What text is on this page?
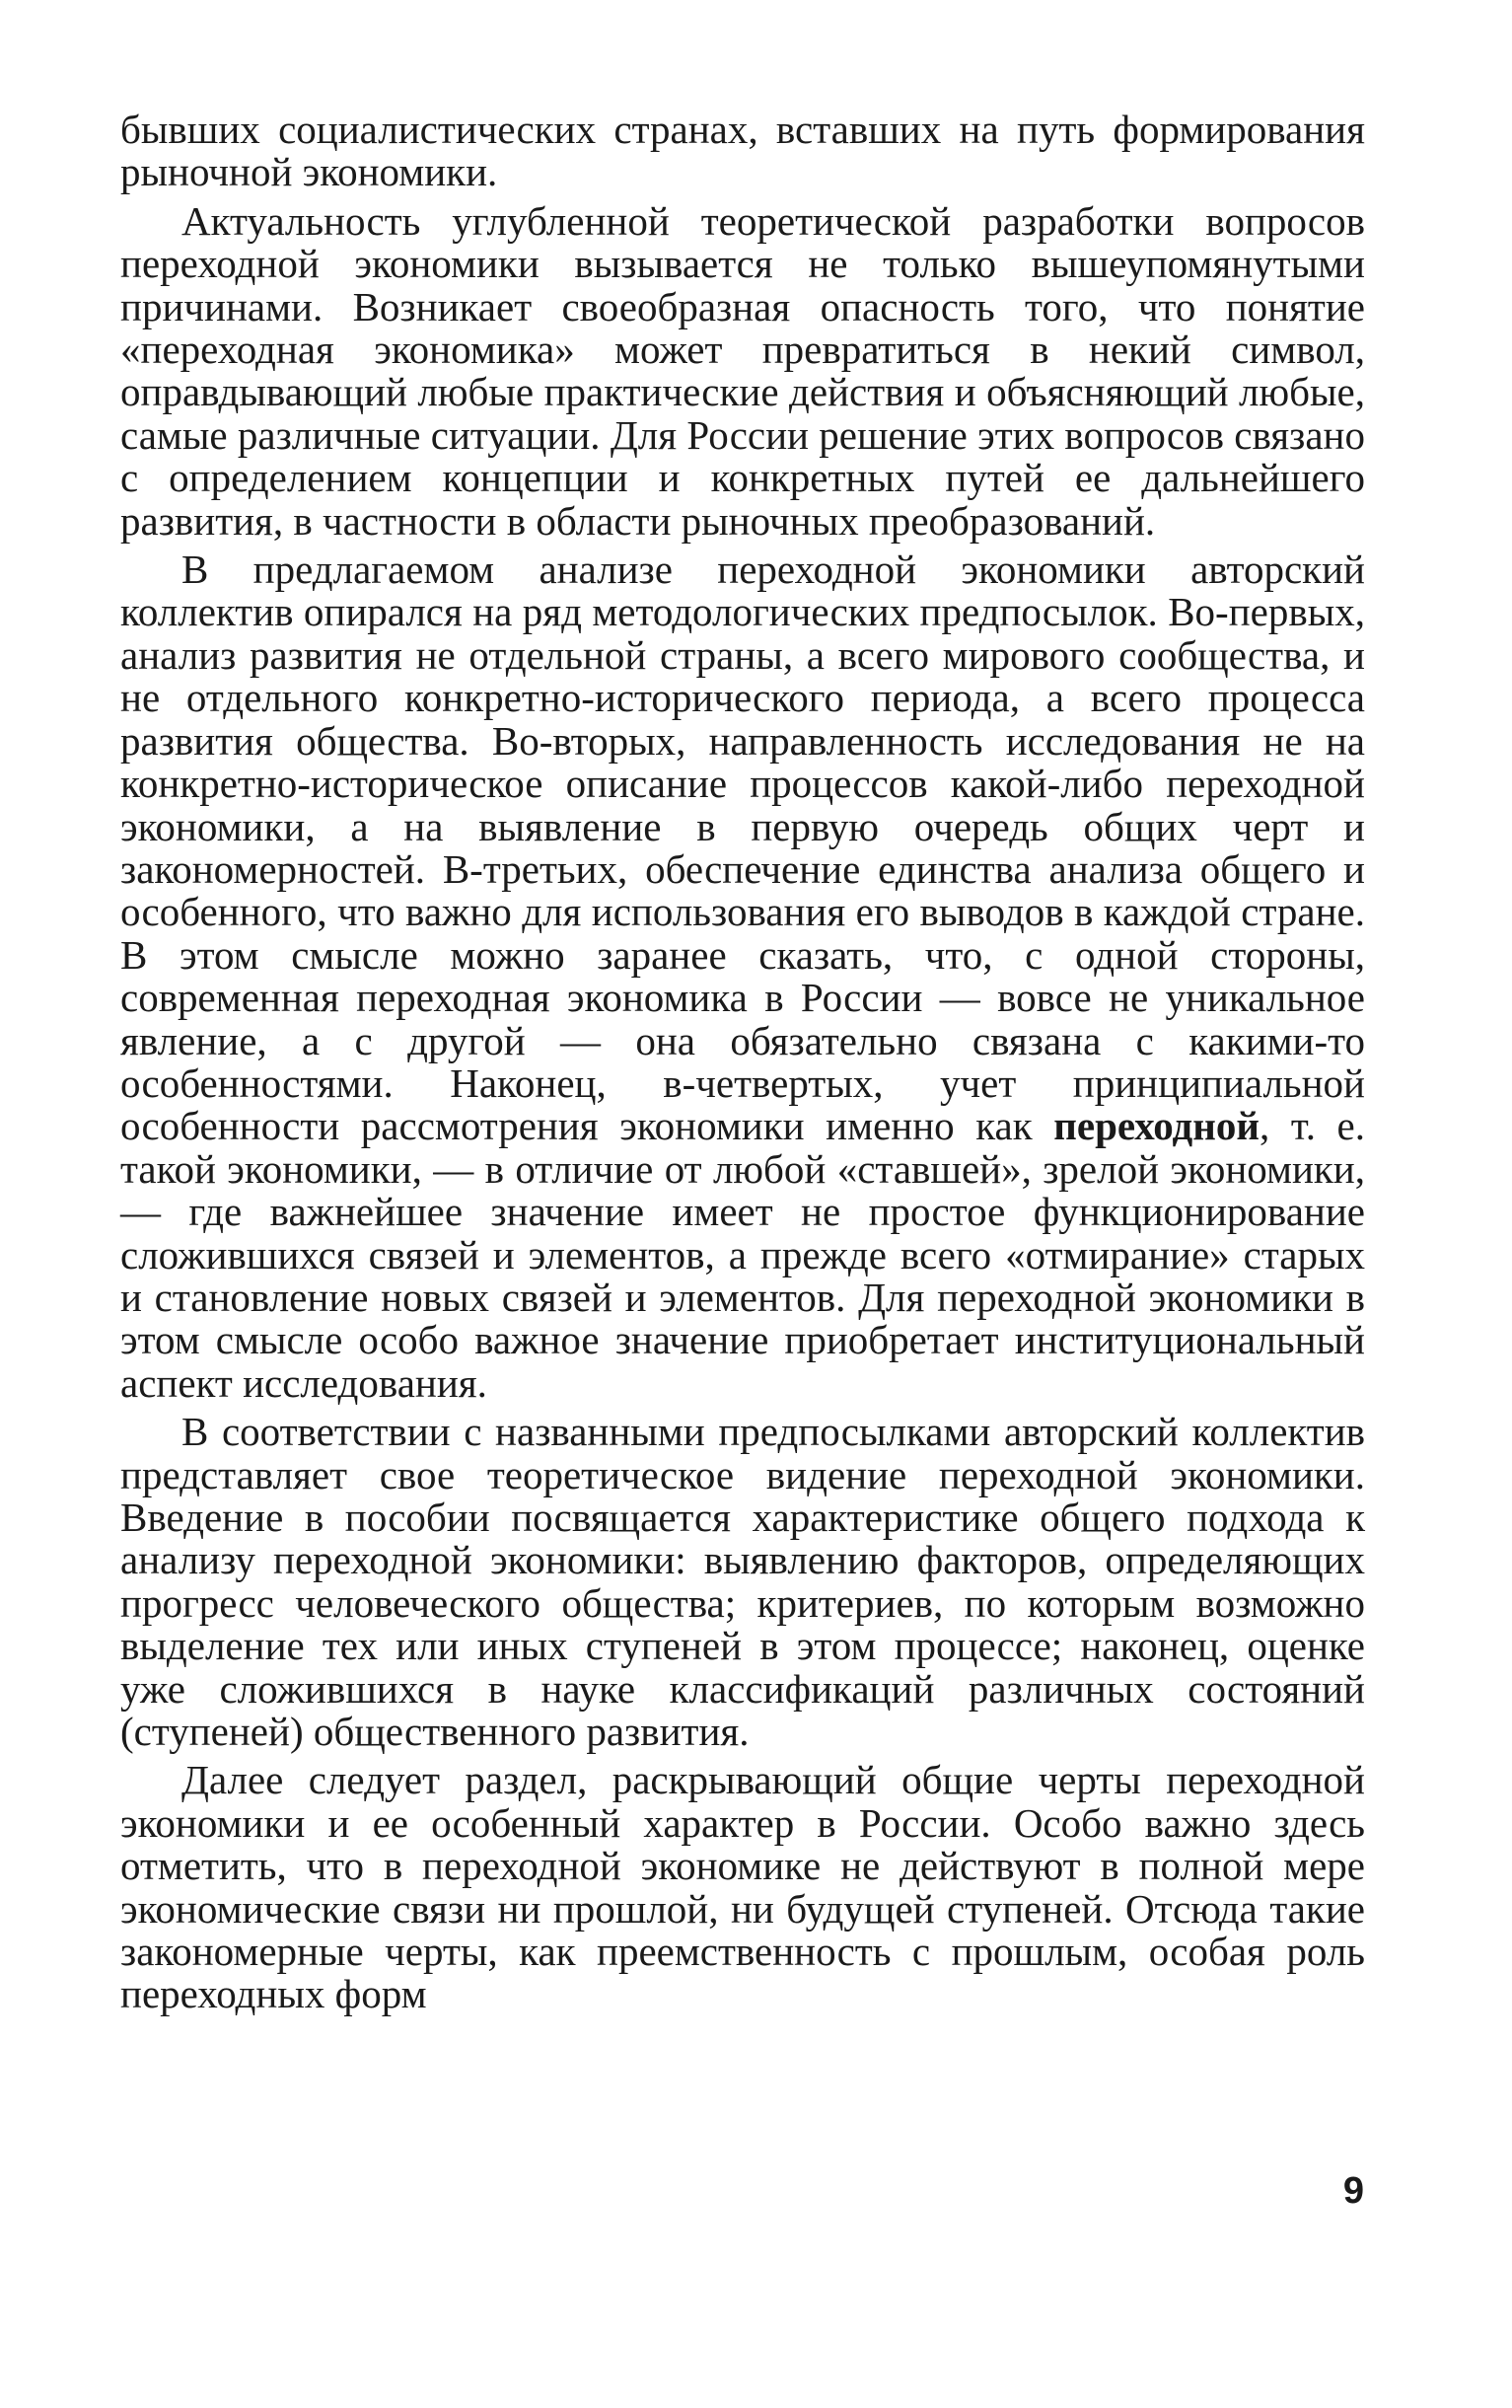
бывших социалистических странах, вставших на путь формирования рыночной экономики.

Актуальность углубленной теоретической разработки вопросов переходной экономики вызывается не только вышеупомянутыми причинами. Возникает своеобразная опасность того, что понятие «переходная экономика» может превратиться в некий символ, оправдывающий любые практические действия и объясняющий любые, самые различные ситуации. Для России решение этих вопросов связано с определением концепции и конкретных путей ее дальнейшего развития, в частности в области рыночных преобразований.

В предлагаемом анализе переходной экономики авторский коллектив опирался на ряд методологических предпосылок. Во-первых, анализ развития не отдельной страны, а всего мирового сообщества, и не отдельного конкретно-исторического периода, а всего процесса развития общества. Во-вторых, направленность исследования не на конкретно-историческое описание процессов какой-либо переходной экономики, а на выявление в первую очередь общих черт и закономерностей. В-третьих, обеспечение единства анализа общего и особенного, что важно для использования его выводов в каждой стране. В этом смысле можно заранее сказать, что, с одной стороны, современная переходная экономика в России — вовсе не уникальное явление, а с другой — она обязательно связана с какими-то особенностями. Наконец, в-четвертых, учет принципиальной особенности рассмотрения экономики именно как переходной, т. е. такой экономики, — в отличие от любой «ставшей», зрелой экономики, — где важнейшее значение имеет не простое функционирование сложившихся связей и элементов, а прежде всего «отмирание» старых и становление новых связей и элементов. Для переходной экономики в этом смысле особо важное значение приобретает институциональный аспект исследования.

В соответствии с названными предпосылками авторский коллектив представляет свое теоретическое видение переходной экономики. Введение в пособии посвящается характеристике общего подхода к анализу переходной экономики: выявлению факторов, определяющих прогресс человеческого общества; критериев, по которым возможно выделение тех или иных ступеней в этом процессе; наконец, оценке уже сложившихся в науке классификаций различных состояний (ступеней) общественного развития.

Далее следует раздел, раскрывающий общие черты переходной экономики и ее особенный характер в России. Особо важно здесь отметить, что в переходной экономике не действуют в полной мере экономические связи ни прошлой, ни будущей ступеней. Отсюда такие закономерные черты, как преемственность с прошлым, особая роль переходных форм

9
